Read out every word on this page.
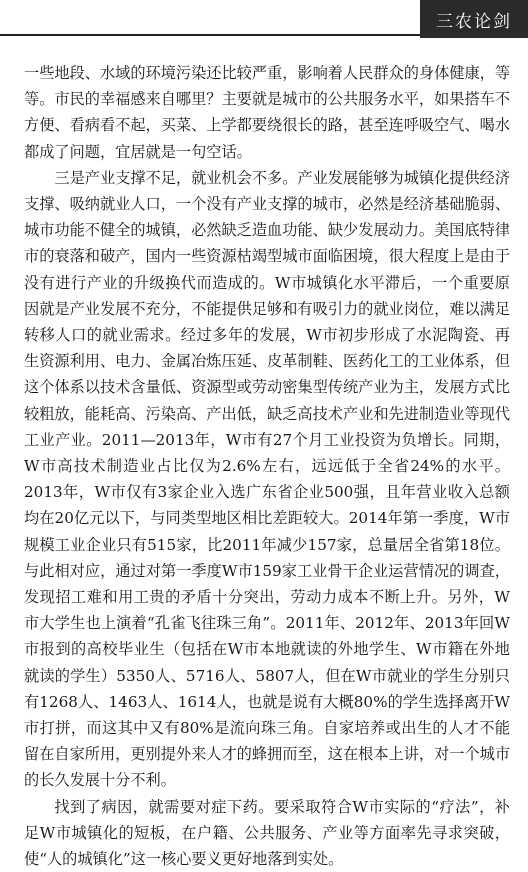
三农论剑

一些地段、水域的环境污染还比较严重，影响着人民群众的身体健康，等等。市民的幸福感来自哪里？主要就是城市的公共服务水平，如果搭车不方便、看病看不起，买菜、上学都要绕很长的路，甚至连呼吸空气、喝水都成了问题，宜居就是一句空话。

三是产业支撑不足，就业机会不多。产业发展能够为城镇化提供经济支撑、吸纳就业人口，一个没有产业支撑的城市，必然是经济基础脆弱、城市功能不健全的城镇，必然缺乏造血功能、缺少发展动力。美国底特律市的衰落和破产，国内一些资源枯竭型城市面临困境，很大程度上是由于没有进行产业的升级换代而造成的。W市城镇化水平滞后，一个重要原因就是产业发展不充分，不能提供足够和有吸引力的就业岗位，难以满足转移人口的就业需求。经过多年的发展，W市初步形成了水泥陶瓷、再生资源利用、电力、金属冶炼压延、皮革制鞋、医药化工的工业体系，但这个体系以技术含量低、资源型或劳动密集型传统产业为主，发展方式比较粗放，能耗高、污染高、产出低，缺乏高技术产业和先进制造业等现代工业产业。2011—2013年，W市有27个月工业投资为负增长。同期，W市高技术制造业占比仅为2.6%左右，远远低于全省24%的水平。2013年，W市仅有3家企业入选广东省企业500强，且年营业收入总额均在20亿元以下，与同类型地区相比差距较大。2014年第一季度，W市规模工业企业只有515家，比2011年减少157家，总量居全省第18位。与此相对应，通过对第一季度W市159家工业骨干企业运营情况的调查，发现招工难和用工贵的矛盾十分突出，劳动力成本不断上升。另外，W市大学生也上演着“孔雀飞往珠三角”。2011年、2012年、2013年回W市报到的高校毕业生（包括在W市本地就读的外地学生、W市籍在外地就读的学生）5350人、5716人、5807人，但在W市就业的学生分别只有1268人、1463人、1614人，也就是说有大概80%的学生选择离开W市打拼，而这其中又有80%是流向珠三角。自家培养或出生的人才不能留在自家所用，更别提外来人才的蜂拥而至，这在根本上讲，对一个城市的长久发展十分不利。

找到了病因，就需要对症下药。要采取符合W市实际的“疗法”，补足W市城镇化的短板，在户籍、公共服务、产业等方面率先寻求突破，使“人的城镇化”这一核心要义更好地落到实处。
